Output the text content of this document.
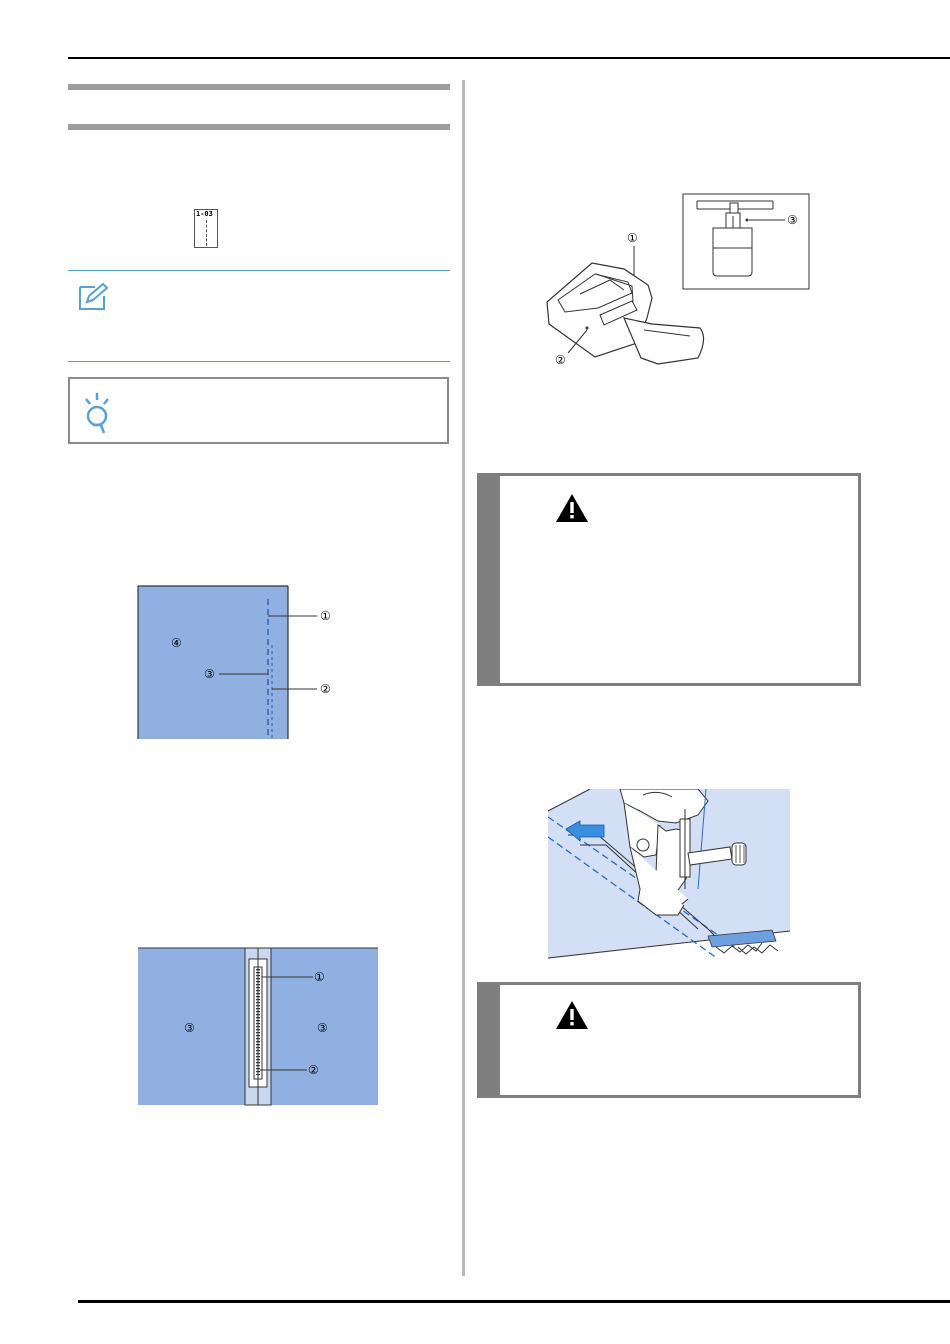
1-03
①
②
③
④
①
②
③	③
①
②
③
